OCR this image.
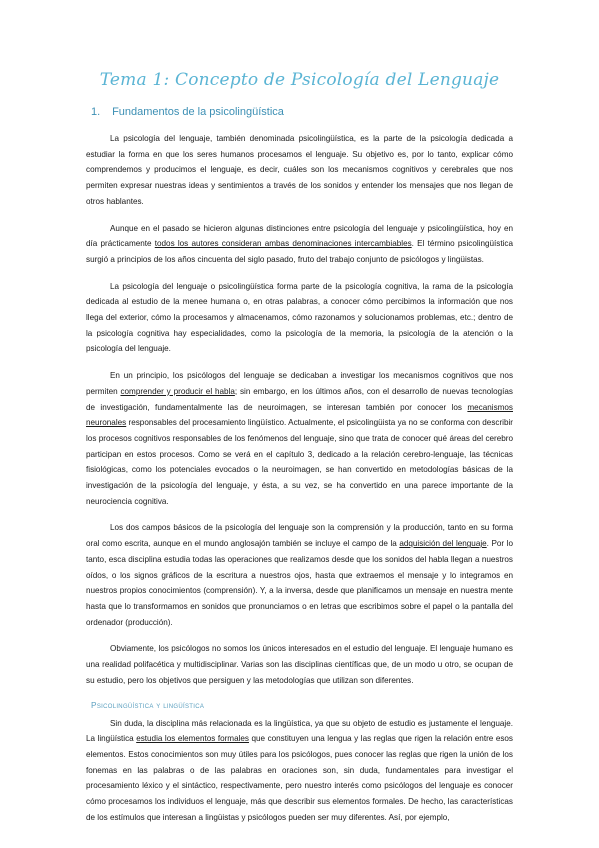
Tema 1: Concepto de Psicología del Lenguaje
1. Fundamentos de la psicolingüística

La psicología del lenguaje, también denominada psicolingüística, es la parte de la psicología dedicada a estudiar la forma en que los seres humanos procesamos el lenguaje. Su objetivo es, por lo tanto, explicar cómo comprendemos y producimos el lenguaje, es decir, cuáles son los mecanismos cognitivos y cerebrales que nos permiten expresar nuestras ideas y sentimientos a través de los sonidos y entender los mensajes que nos llegan de otros hablantes.

Aunque en el pasado se hicieron algunas distinciones entre psicología del lenguaje y psicolingüística, hoy en día prácticamente todos los autores consideran ambas denominaciones intercambiables. El término psicolingüística surgió a principios de los años cincuenta del siglo pasado, fruto del trabajo conjunto de psicólogos y lingüistas.

La psicología del lenguaje o psicolingüística forma parte de la psicología cognitiva, la rama de la psicología dedicada al estudio de la menee humana o, en otras palabras, a conocer cómo percibimos la información que nos llega del exterior, cómo la procesamos y almacenamos, cómo razonamos y solucionamos problemas, etc.; dentro de la psicología cognitiva hay especialidades, como la psicología de la memoria, la psicología de la atención o la psicología del lenguaje.

En un principio, los psicólogos del lenguaje se dedicaban a investigar los mecanismos cognitivos que nos permiten comprender y producir el habla; sin embargo, en los últimos años, con el desarrollo de nuevas tecnologías de investigación, fundamentalmente las de neuroimagen, se interesan también por conocer los mecanismos neuronales responsables del procesamiento lingüístico. Actualmente, el psicolingüista ya no se conforma con describir los procesos cognitivos responsables de los fenómenos del lenguaje, sino que trata de conocer qué áreas del cerebro participan en estos procesos. Como se verá en el capítulo 3, dedicado a la relación cerebro-lenguaje, las técnicas fisiológicas, como los potenciales evocados o la neuroimagen, se han convertido en metodologías básicas de la investigación de la psicología del lenguaje, y ésta, a su vez, se ha convertido en una parece importante de la neurociencia cognitiva.

Los dos campos básicos de la psicología del lenguaje son la comprensión y la producción, tanto en su forma oral como escrita, aunque en el mundo anglosajón también se incluye el campo de la adquisición del lenguaje. Por lo tanto, esca disciplina estudia todas las operaciones que realizamos desde que los sonidos del habla llegan a nuestros oídos, o los signos gráficos de la escritura a nuestros ojos, hasta que extraemos el mensaje y lo integramos en nuestros propios conocimientos (comprensión). Y, a la inversa, desde que planificamos un mensaje en nuestra mente hasta que lo transformamos en sonidos que pronunciamos o en letras que escribimos sobre el papel o la pantalla del ordenador (producción).

Obviamente, los psicólogos no somos los únicos interesados en el estudio del lenguaje. El lenguaje humano es una realidad polifacética y multidisciplinar. Varias son las disciplinas científicas que, de un modo u otro, se ocupan de su estudio, pero los objetivos que persiguen y las metodologías que utilizan son diferentes.

Psicolingüística y lingüística

Sin duda, la disciplina más relacionada es la lingüística, ya que su objeto de estudio es justamente el lenguaje. La lingüística estudia los elementos formales que constituyen una lengua y las reglas que rigen la relación entre esos elementos. Estos conocimientos son muy útiles para los psicólogos, pues conocer las reglas que rigen la unión de los fonemas en las palabras o de las palabras en oraciones son, sin duda, fundamentales para investigar el procesamiento léxico y el sintáctico, respectivamente, pero nuestro interés como psicólogos del lenguaje es conocer cómo procesamos los individuos el lenguaje, más que describir sus elementos formales. De hecho, las características de los estímulos que interesan a lingüistas y psicólogos pueden ser muy diferentes. Así, por ejemplo,
